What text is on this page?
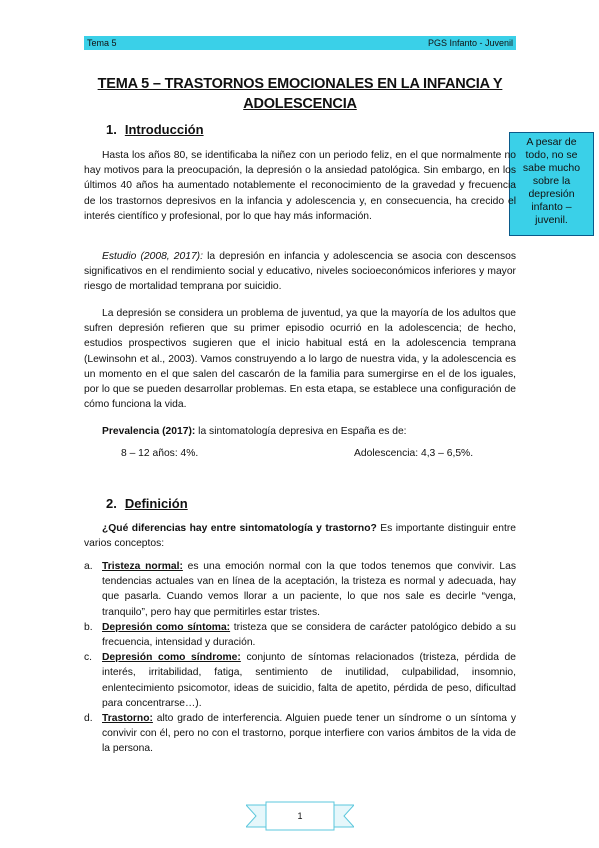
Tema 5	PGS Infanto - Juvenil
TEMA 5 – TRASTORNOS EMOCIONALES EN LA INFANCIA Y ADOLESCENCIA
1. Introducción
A pesar de todo, no se sabe mucho sobre la depresión infanto – juvenil.

Hasta los años 80, se identificaba la niñez con un periodo feliz, en el que normalmente no hay motivos para la preocupación, la depresión o la ansiedad patológica. Sin embargo, en los últimos 40 años ha aumentado notablemente el reconocimiento de la gravedad y frecuencia de los trastornos depresivos en la infancia y adolescencia y, en consecuencia, ha crecido el interés científico y profesional, por lo que hay más información.

Estudio (2008, 2017): la depresión en infancia y adolescencia se asocia con descensos significativos en el rendimiento social y educativo, niveles socioeconómicos inferiores y mayor riesgo de mortalidad temprana por suicidio.

La depresión se considera un problema de juventud, ya que la mayoría de los adultos que sufren depresión refieren que su primer episodio ocurrió en la adolescencia; de hecho, estudios prospectivos sugieren que el inicio habitual está en la adolescencia temprana (Lewinsohn et al., 2003). Vamos construyendo a lo largo de nuestra vida, y la adolescencia es un momento en el que salen del cascarón de la familia para sumergirse en el de los iguales, por lo que se pueden desarrollar problemas. En esta etapa, se establece una configuración de cómo funciona la vida.

Prevalencia (2017): la sintomatología depresiva en España es de:

8 – 12 años: 4%.	Adolescencia: 4,3 – 6,5%.
2. Definición

¿Qué diferencias hay entre sintomatología y trastorno? Es importante distinguir entre varios conceptos:

a. Tristeza normal: es una emoción normal con la que todos tenemos que convivir. Las tendencias actuales van en línea de la aceptación, la tristeza es normal y adecuada, hay que pasarla. Cuando vemos llorar a un paciente, lo que nos sale es decirle “venga, tranquilo”, pero hay que permitirles estar tristes.
b. Depresión como síntoma: tristeza que se considera de carácter patológico debido a su frecuencia, intensidad y duración.
c. Depresión como síndrome: conjunto de síntomas relacionados (tristeza, pérdida de interés, irritabilidad, fatiga, sentimiento de inutilidad, culpabilidad, insomnio, enlentecimiento psicomotor, ideas de suicidio, falta de apetito, pérdida de peso, dificultad para concentrarse…).
d. Trastorno: alto grado de interferencia. Alguien puede tener un síndrome o un síntoma y convivir con él, pero no con el trastorno, porque interfiere con varios ámbitos de la vida de la persona.
1
